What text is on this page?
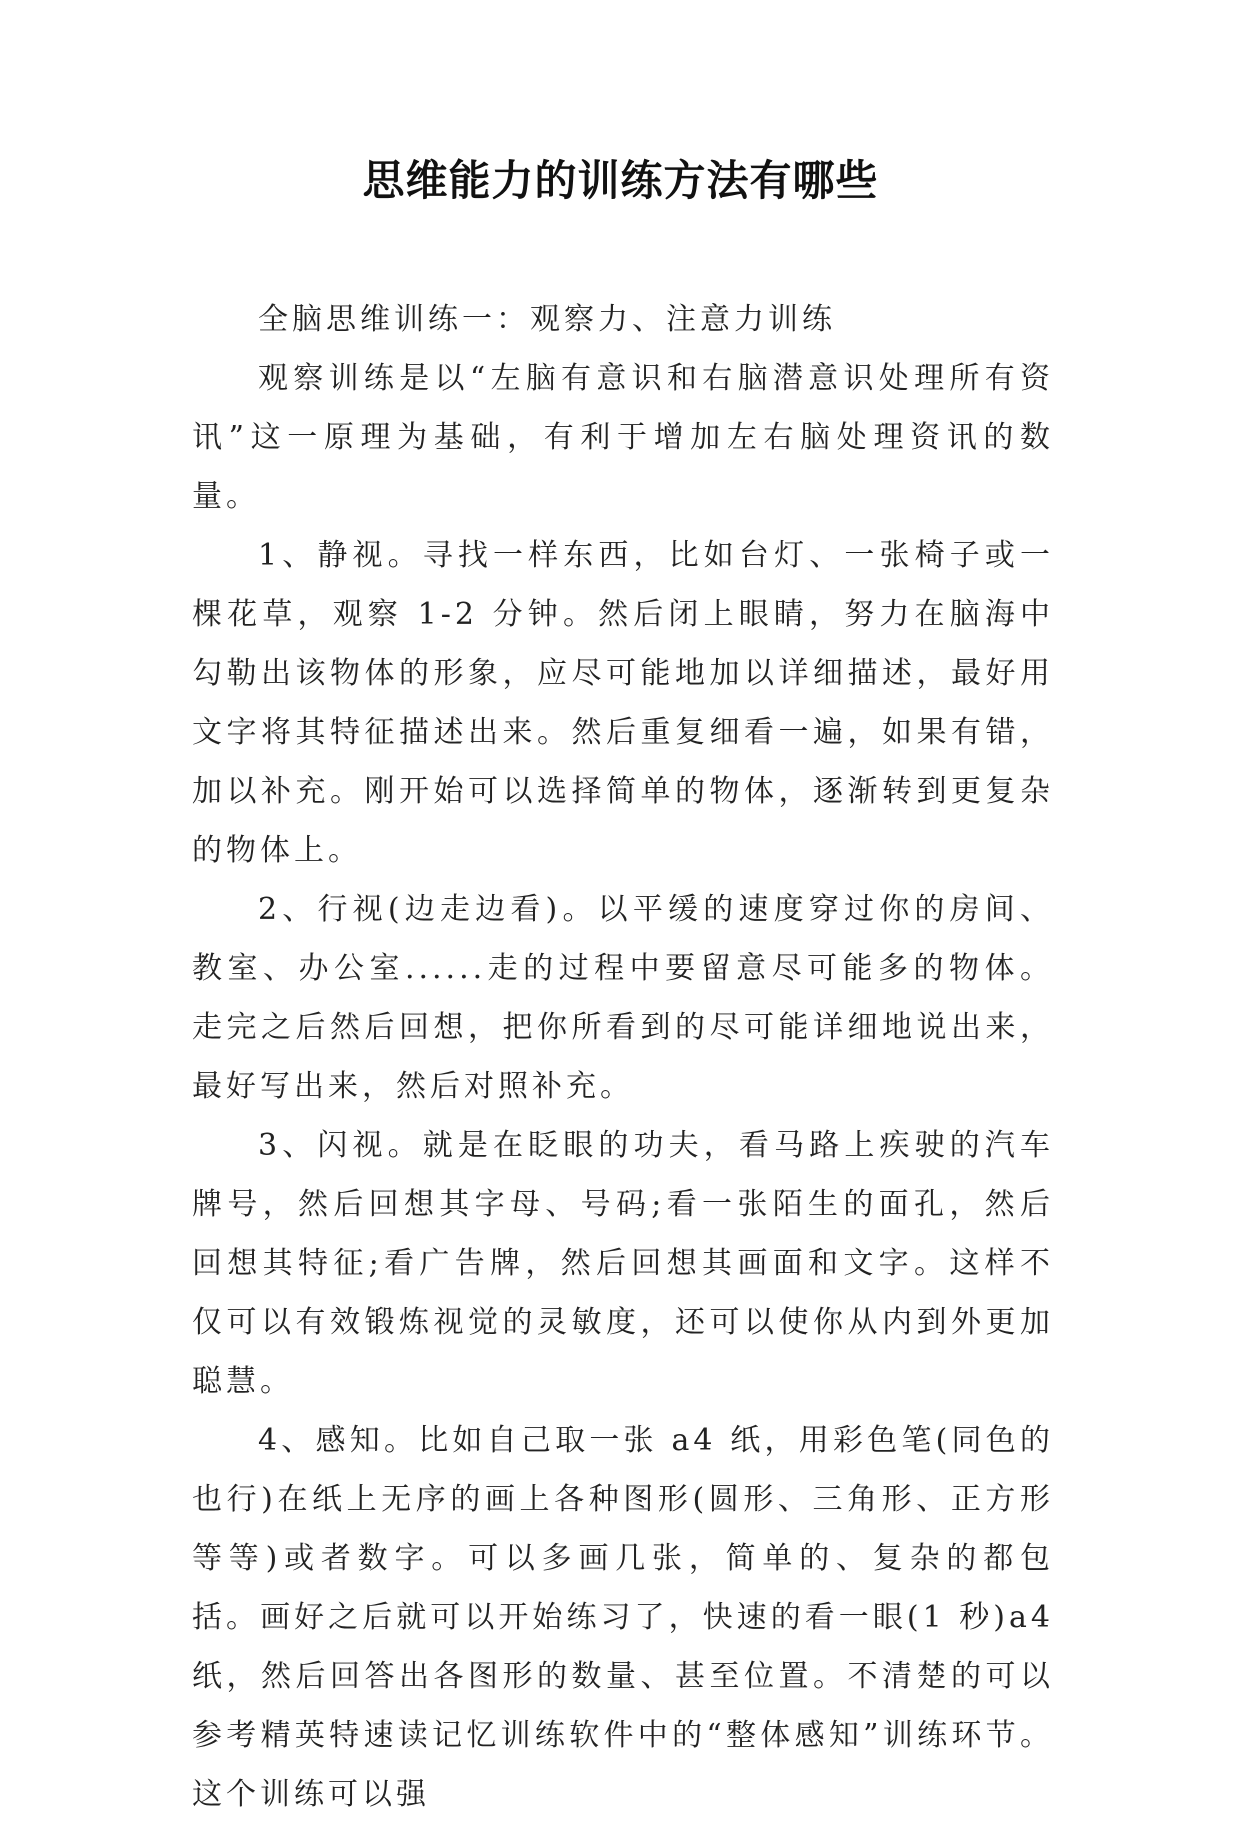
思维能力的训练方法有哪些

全脑思维训练一：观察力、注意力训练

观察训练是以“左脑有意识和右脑潜意识处理所有资讯”这一原理为基础，有利于增加左右脑处理资讯的数量。

1、静视。寻找一样东西，比如台灯、一张椅子或一棵花草，观察 1-2 分钟。然后闭上眼睛，努力在脑海中勾勒出该物体的形象，应尽可能地加以详细描述，最好用文字将其特征描述出来。然后重复细看一遍，如果有错，加以补充。刚开始可以选择简单的物体，逐渐转到更复杂的物体上。

2、行视(边走边看)。以平缓的速度穿过你的房间、教室、办公室......走的过程中要留意尽可能多的物体。走完之后然后回想，把你所看到的尽可能详细地说出来，最好写出来，然后对照补充。

3、闪视。就是在眨眼的功夫，看马路上疾驶的汽车牌号，然后回想其字母、号码;看一张陌生的面孔，然后回想其特征;看广告牌，然后回想其画面和文字。这样不仅可以有效锻炼视觉的灵敏度，还可以使你从内到外更加聪慧。

4、感知。比如自己取一张 a4 纸，用彩色笔(同色的也行)在纸上无序的画上各种图形(圆形、三角形、正方形等等)或者数字。可以多画几张，简单的、复杂的都包括。画好之后就可以开始练习了，快速的看一眼(1 秒)a4 纸，然后回答出各图形的数量、甚至位置。不清楚的可以参考精英特速读记忆训练软件中的“整体感知”训练环节。这个训练可以强
